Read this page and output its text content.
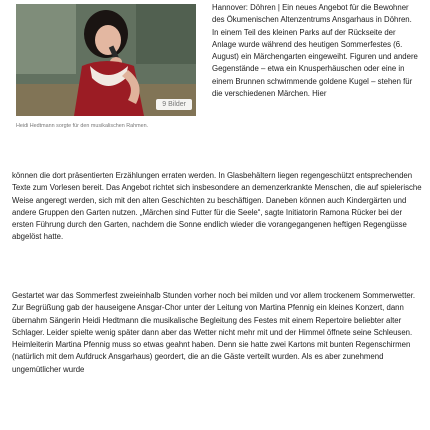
9 Bilder
Heidi Hedtmann sorgte für den musikalischen Rahmen.

Hannover: Döhren | Ein neues Angebot für die Bewohner des Ökumenischen Altenzentrums Ansgarhaus in Döhren. In einem Teil des kleinen Parks auf der Rückseite der Anlage wurde während des heutigen Sommerfestes (6. August) ein Märchengarten eingeweiht. Figuren und andere Gegenstände – etwa ein Knusperhäuschen oder eine in einem Brunnen schwimmende goldene Kugel – stehen für die verschiedenen Märchen. Hier

können die dort präsentierten Erzählungen erraten werden. In Glasbehältern liegen regengeschützt entsprechenden Texte zum Vorlesen bereit. Das Angebot richtet sich insbesondere an demenzerkrankte Menschen, die auf spielerische Weise angeregt werden, sich mit den alten Geschichten zu beschäftigen. Daneben können auch Kindergärten und andere Gruppen den Garten nutzen. „Märchen sind Futter für die Seele“, sagte Initiatorin Ramona Rücker bei der ersten Führung durch den Garten, nachdem die Sonne endlich wieder die vorangegangenen heftigen Regengüsse abgelöst hatte.

Gestartet war das Sommerfest zweieinhalb Stunden vorher noch bei milden und vor allem trockenem Sommerwetter. Zur Begrüßung gab der hauseigene Ansgar-Chor unter der Leitung von Martina Pfennig ein kleines Konzert, dann übernahm Sängerin Heidi Hedtmann die musikalische Begleitung des Festes mit einem Repertoire beliebter alter Schlager. Leider spielte wenig später dann aber das Wetter nicht mehr mit und der Himmel öffnete seine Schleusen. Heimleiterin Martina Pfennig muss so etwas geahnt haben. Denn sie hatte zwei Kartons mit bunten Regenschirmen (natürlich mit dem Aufdruck Ansgarhaus) geordert, die an die Gäste verteilt wurden. Als es aber zunehmend ungemütlicher wurde
